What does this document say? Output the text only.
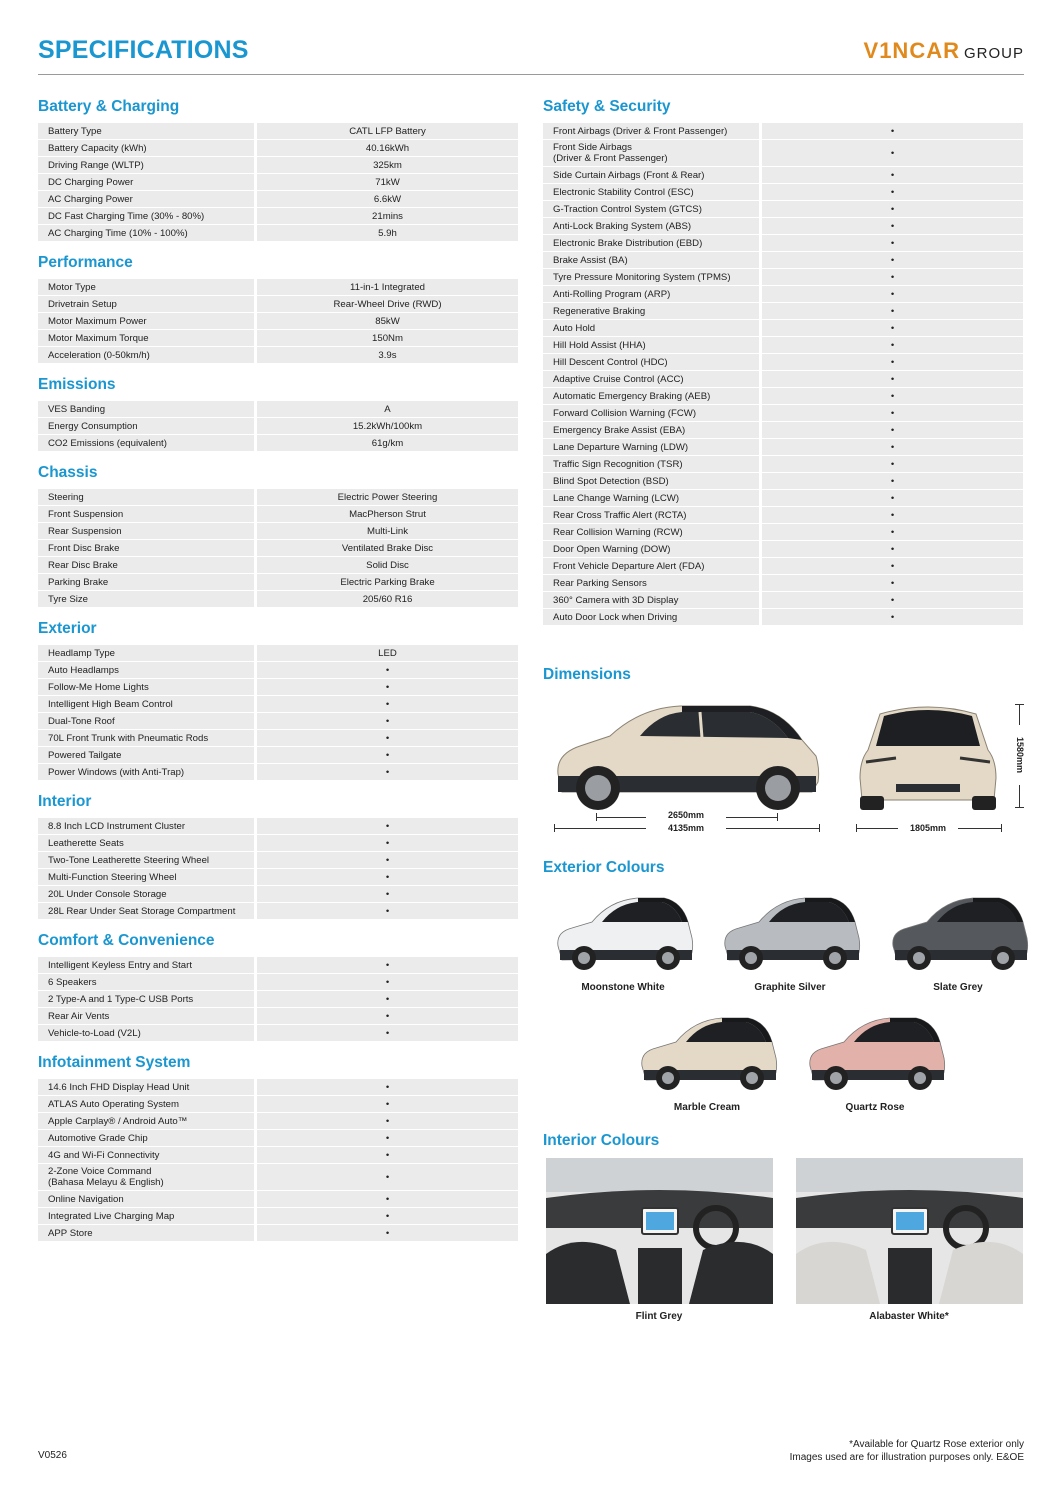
SPECIFICATIONS	V1NCAR GROUP
Battery & Charging
Battery Type	CATL LFP Battery
Battery Capacity (kWh)	40.16kWh
Driving Range (WLTP)	325km
DC Charging Power	71kW
AC Charging Power	6.6kW
DC Fast Charging Time (30% - 80%)	21mins
AC Charging Time (10% - 100%)	5.9h
Performance
Motor Type	11-in-1 Integrated
Drivetrain Setup	Rear-Wheel Drive (RWD)
Motor Maximum Power	85kW
Motor Maximum Torque	150Nm
Acceleration (0-50km/h)	3.9s
Emissions
VES Banding	A
Energy Consumption	15.2kWh/100km
CO2 Emissions (equivalent)	61g/km
Chassis
Steering	Electric Power Steering
Front Suspension	MacPherson Strut
Rear Suspension	Multi-Link
Front Disc Brake	Ventilated Brake Disc
Rear Disc Brake	Solid Disc
Parking Brake	Electric Parking Brake
Tyre Size	205/60 R16
Exterior
Headlamp Type	LED
Auto Headlamps	•
Follow-Me Home Lights	•
Intelligent High Beam Control	•
Dual-Tone Roof	•
70L Front Trunk with Pneumatic Rods	•
Powered Tailgate	•
Power Windows (with Anti-Trap)	•
Interior
8.8 Inch LCD Instrument Cluster	•
Leatherette Seats	•
Two-Tone Leatherette Steering Wheel	•
Multi-Function Steering Wheel	•
20L Under Console Storage	•
28L Rear Under Seat Storage Compartment	•
Comfort & Convenience
Intelligent Keyless Entry and Start	•
6 Speakers	•
2 Type-A and 1 Type-C USB Ports	•
Rear Air Vents	•
Vehicle-to-Load (V2L)	•
Infotainment System
14.6 Inch FHD Display Head Unit	•
ATLAS Auto Operating System	•
Apple Carplay® / Android Auto™	•
Automotive Grade Chip	•
4G and Wi-Fi Connectivity	•
2-Zone Voice Command
(Bahasa Melayu & English)	•
Online Navigation	•
Integrated Live Charging Map	•
APP Store	•
Safety & Security
Front Airbags (Driver & Front Passenger)	•
Front Side Airbags
(Driver & Front Passenger)	•
Side Curtain Airbags (Front & Rear)	•
Electronic Stability Control (ESC)	•
G-Traction Control System (GTCS)	•
Anti-Lock Braking System (ABS)	•
Electronic Brake Distribution (EBD)	•
Brake Assist (BA)	•
Tyre Pressure Monitoring System (TPMS)	•
Anti-Rolling Program (ARP)	•
Regenerative Braking	•
Auto Hold	•
Hill Hold Assist (HHA)	•
Hill Descent Control (HDC)	•
Adaptive Cruise Control (ACC)	•
Automatic Emergency Braking (AEB)	•
Forward Collision Warning (FCW)	•
Emergency Brake Assist (EBA)	•
Lane Departure Warning (LDW)	•
Traffic Sign Recognition (TSR)	•
Blind Spot Detection (BSD)	•
Lane Change Warning (LCW)	•
Rear Cross Traffic Alert (RCTA)	•
Rear Collision Warning (RCW)	•
Door Open Warning (DOW)	•
Front Vehicle Departure Alert (FDA)	•
Rear Parking Sensors	•
360° Camera with 3D Display	•
Auto Door Lock when Driving	•
Dimensions
2650mm
4135mm	1805mm
1580mm
Exterior Colours
Moonstone White	Graphite Silver	Slate Grey
Marble Cream	Quartz Rose
Interior Colours
Flint Grey	Alabaster White*
V0526
*Available for Quartz Rose exterior only
Images used are for illustration purposes only. E&OE
